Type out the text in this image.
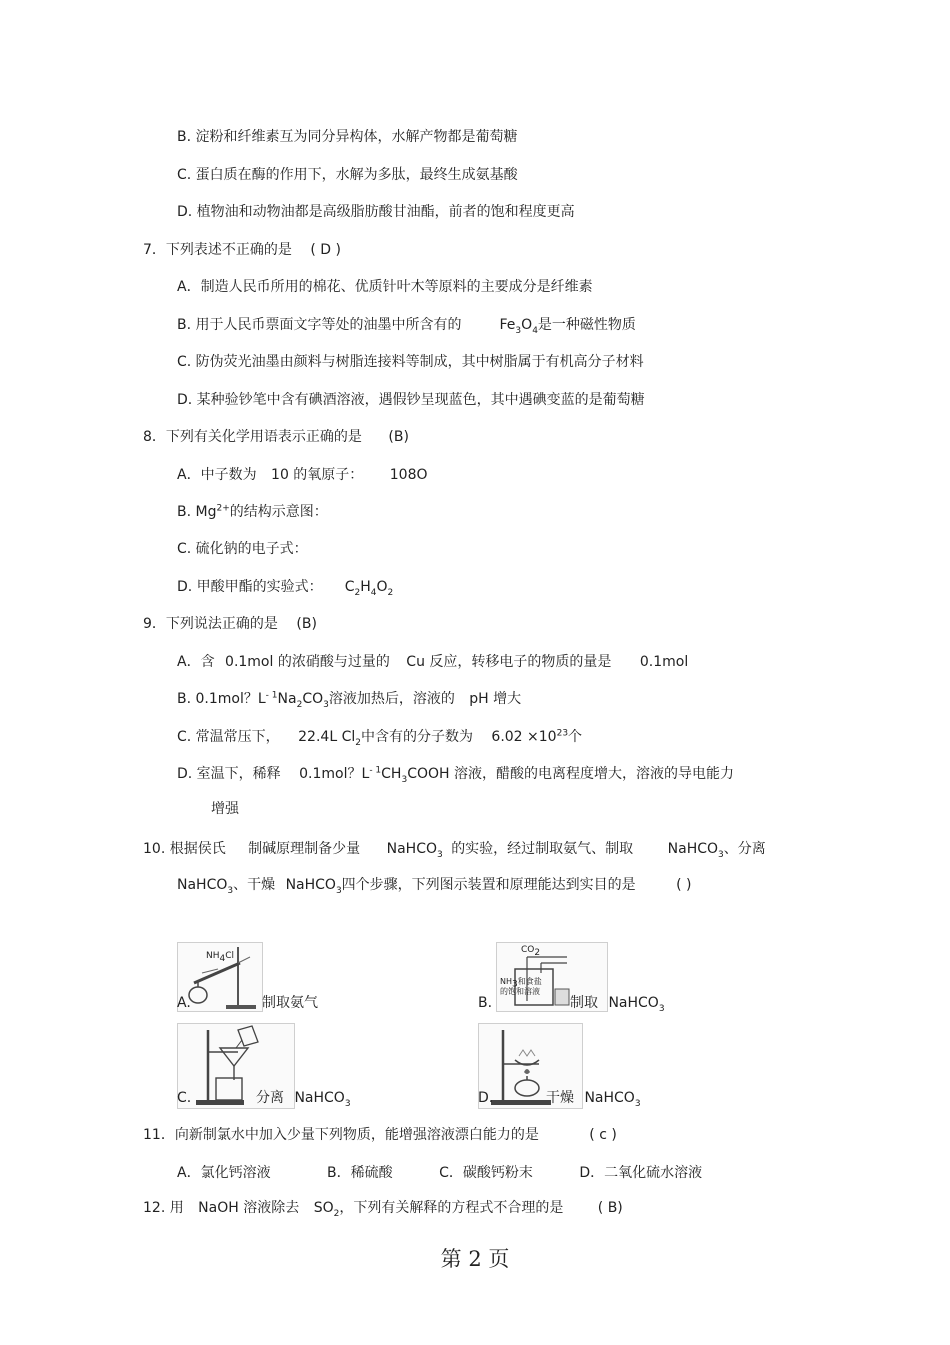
B. 淀粉和纤维素互为同分异构体，水解产物都是葡萄糖
C. 蛋白质在酶的作用下，水解为多肽，最终生成氨基酸
D. 植物油和动物油都是高级脂肪酸甘油酯，前者的饱和程度更高
7．下列表述不正确的是 ( D )
A．制造人民币所用的棉花、优质针叶木等原料的主要成分是纤维素
B. 用于人民币票面文字等处的油墨中所含有的	$Fe_3O_4$是一种磁性物质
C. 防伪荧光油墨由颜料与树脂连接料等制成，其中树脂属于有机高分子材料
D. 某种验钞笔中含有碘酒溶液，遇假钞呈现蓝色，其中遇碘变蓝的是葡萄糖
8．下列有关化学用语表示正确的是 (B)
A．中子数为 10 的氧原子： 108O
B. $Mg^{2+}$的结构示意图：
C. 硫化钠的电子式：
D. 甲酸甲酯的实验式： $C_2H_4O_2$
9．下列说法正确的是 (B)
A．含 0.1mol 的浓硝酸与过量的 Cu 反应，转移电子的物质的量是 0.1mol
B. 0.1mol？$L^{- 1}Na_2CO_3$溶液加热后，溶液的 pH 增大
C. 常温常压下， 22.4L $Cl_2$中含有的分子数为 $6.02 \times 10^{23}$个
D. 室温下，稀释 0.1mol？$L^{- 1}CH_3COOH$ 溶液，醋酸的电离程度增大，溶液的导电能力
增强
10. 根据侯氏 制碱原理制备少量 NaHCO$_3$ 的实验，经过制取氨气、制取 NaHCO$_3$、分离
NaHCO$_3$、干燥 NaHCO$_3$四个步骤，下列图示装置和原理能达到实目的是	( )
$NH_4Cl$
A.	制取氨气
$CO_2$
$NH_3$和食盐
的饱和溶液
B.	制取 NaHCO$_3$
C.	分离 NaHCO$_3$	D.	干燥 NaHCO$_3$
11．向新制氯水中加入少量下列物质，能增强溶液漂白能力的是	( c )
A．氯化钙溶液	B．稀硫酸	C．碳酸钙粉末	D．二氧化硫水溶液
12. 用 NaOH 溶液除去 $SO_2$，下列有关解释的方程式不合理的是 ( B)
第 2 页
